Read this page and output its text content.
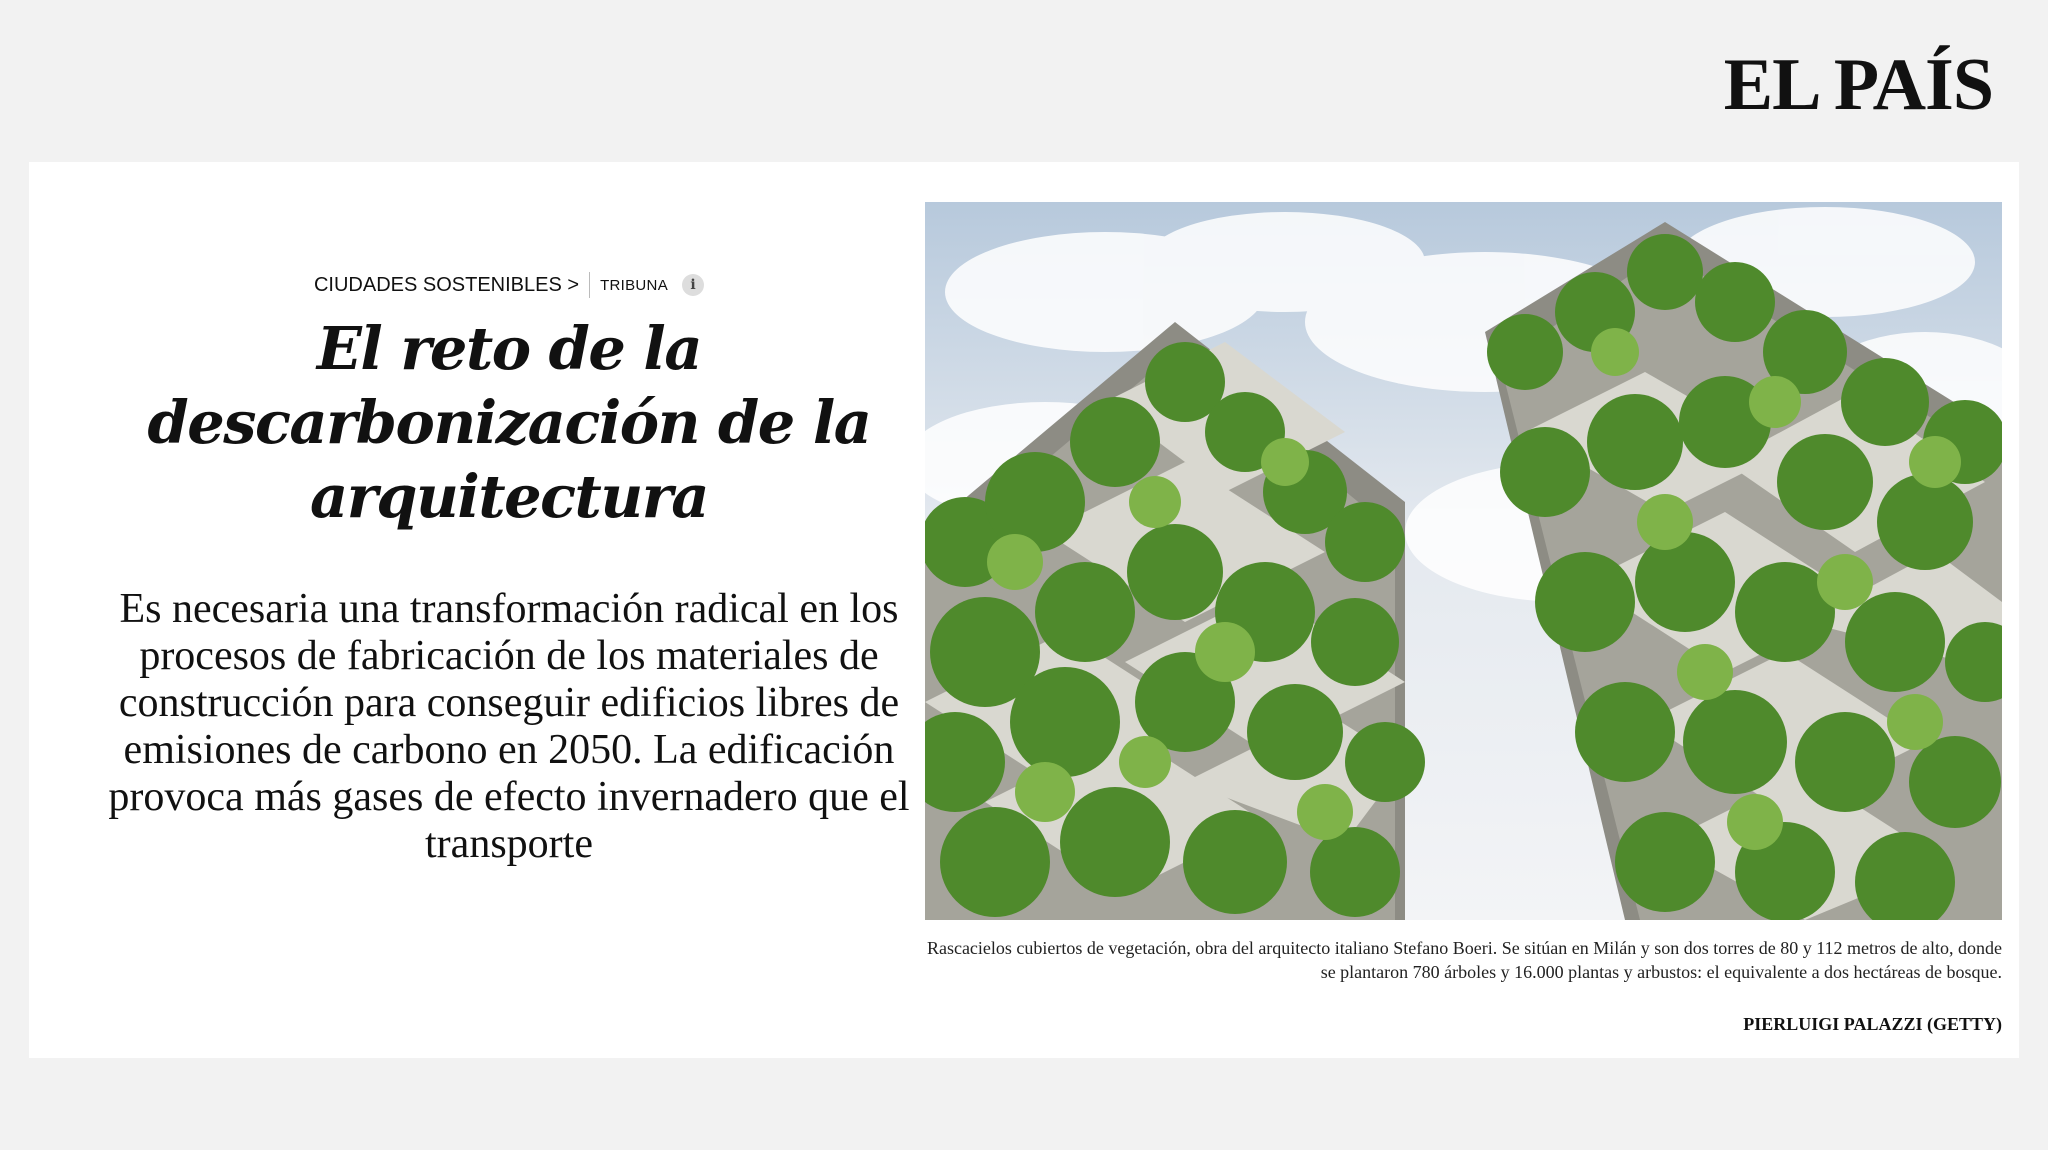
EL PAÍS
CIUDADES SOSTENIBLES > TRIBUNA	i
El reto de la descarbonización de la arquitectura

Es necesaria una transformación radical en los procesos de fabricación de los materiales de construcción para conseguir edificios libres de emisiones de carbono en 2050. La edificación provoca más gases de efecto invernadero que el transporte

Rascacielos cubiertos de vegetación, obra del arquitecto italiano Stefano Boeri. Se sitúan en Milán y son dos torres de 80 y 112 metros de alto, donde se plantaron 780 árboles y 16.000 plantas y arbustos: el equivalente a dos hectáreas de bosque.

PIERLUIGI PALAZZI (GETTY)
